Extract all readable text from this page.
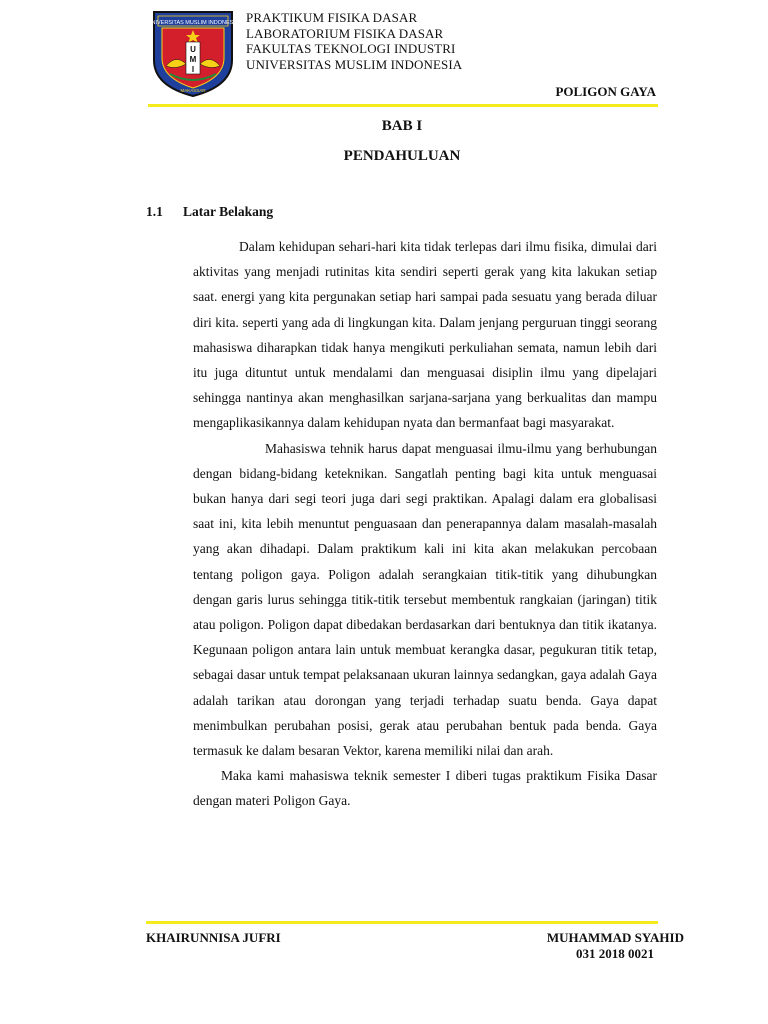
UNIVERSITAS MUSLIM INDONESIA
U
M
I
MAKASSAR
PRAKTIKUM FISIKA DASAR
LABORATORIUM FISIKA DASAR
FAKULTAS TEKNOLOGI INDUSTRI
UNIVERSITAS MUSLIM INDONESIA
POLIGON GAYA
BAB I
PENDAHULUAN
1.1 Latar Belakang

Dalam kehidupan sehari-hari kita tidak terlepas dari ilmu fisika, dimulai dari aktivitas yang menjadi rutinitas kita sendiri seperti gerak yang kita lakukan setiap saat. energi yang kita pergunakan setiap hari sampai pada sesuatu yang berada diluar diri kita. seperti yang ada di lingkungan kita. Dalam jenjang perguruan tinggi seorang mahasiswa diharapkan tidak hanya mengikuti perkuliahan semata, namun lebih dari itu juga dituntut untuk mendalami dan menguasai disiplin ilmu yang dipelajari sehingga nantinya akan menghasilkan sarjana-sarjana yang berkualitas dan mampu mengaplikasikannya dalam kehidupan nyata dan bermanfaat bagi masyarakat.

Mahasiswa tehnik harus dapat menguasai ilmu-ilmu yang berhubungan dengan bidang-bidang keteknikan. Sangatlah penting bagi kita untuk menguasai bukan hanya dari segi teori juga dari segi praktikan. Apalagi dalam era globalisasi saat ini, kita lebih menuntut penguasaan dan penerapannya dalam masalah-masalah yang akan dihadapi. Dalam praktikum kali ini kita akan melakukan percobaan tentang poligon gaya. Poligon adalah serangkaian titik-titik yang dihubungkan dengan garis lurus sehingga titik-titik tersebut membentuk rangkaian (jaringan) titik atau poligon. Poligon dapat dibedakan berdasarkan dari bentuknya dan titik ikatanya. Kegunaan poligon antara lain untuk membuat kerangka dasar, pegukuran titik tetap, sebagai dasar untuk tempat pelaksanaan ukuran lainnya sedangkan, gaya adalah Gaya adalah tarikan atau dorongan yang terjadi terhadap suatu benda. Gaya dapat menimbulkan perubahan posisi, gerak atau perubahan bentuk pada benda. Gaya termasuk ke dalam besaran Vektor, karena memiliki nilai dan arah.

Maka kami mahasiswa teknik semester I diberi tugas praktikum Fisika Dasar dengan materi Poligon Gaya.

KHAIRUNNISA JUFRI	MUHAMMAD SYAHID
031 2018 0021
